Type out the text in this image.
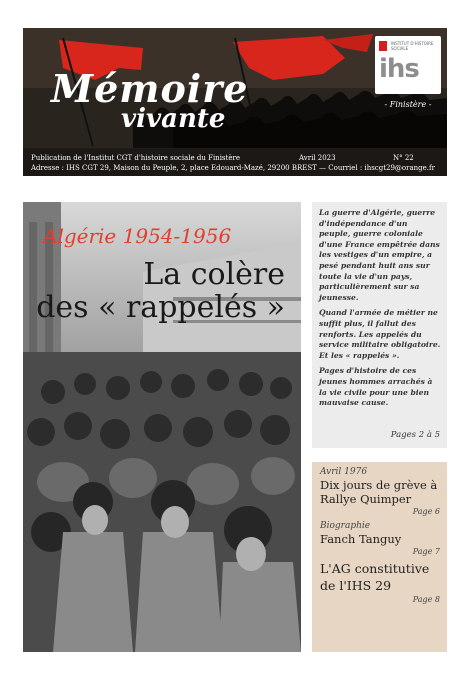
Mémoire
vivante
INSTITUT D'HISTOIRE SOCIALE
ihs
- Finistère -
Publication de l'Institut CGT d'histoire sociale du Finistère	Avril 2023	N° 22
Adresse : IHS CGT 29, Maison du Peuple, 2, place Edouard-Mazé, 29200 BREST — Courriel : ihscgt29@orange.fr
Algérie 1954-1956
La colère
des « rappelés »

La guerre d'Algérie, guerre d'indépendance d'un peuple, guerre coloniale d'une France empêtrée dans les vestiges d'un empire, a pesé pendant huit ans sur toute la vie d'un pays, particulièrement sur sa jeunesse.

Quand l'armée de métier ne suffit plus, il fallut des renforts. Les appelés du service militaire obligatoire. Et les « rappelés ».

Pages d'histoire de ces jeunes hommes arrachés à la vie civile pour une bien mauvaise cause.

Pages 2 à 5
Avril 1976
Dix jours de grève à Rallye Quimper
Page 6
Biographie
Fanch Tanguy
Page 7
L'AG constitutive de l'IHS 29
Page 8
